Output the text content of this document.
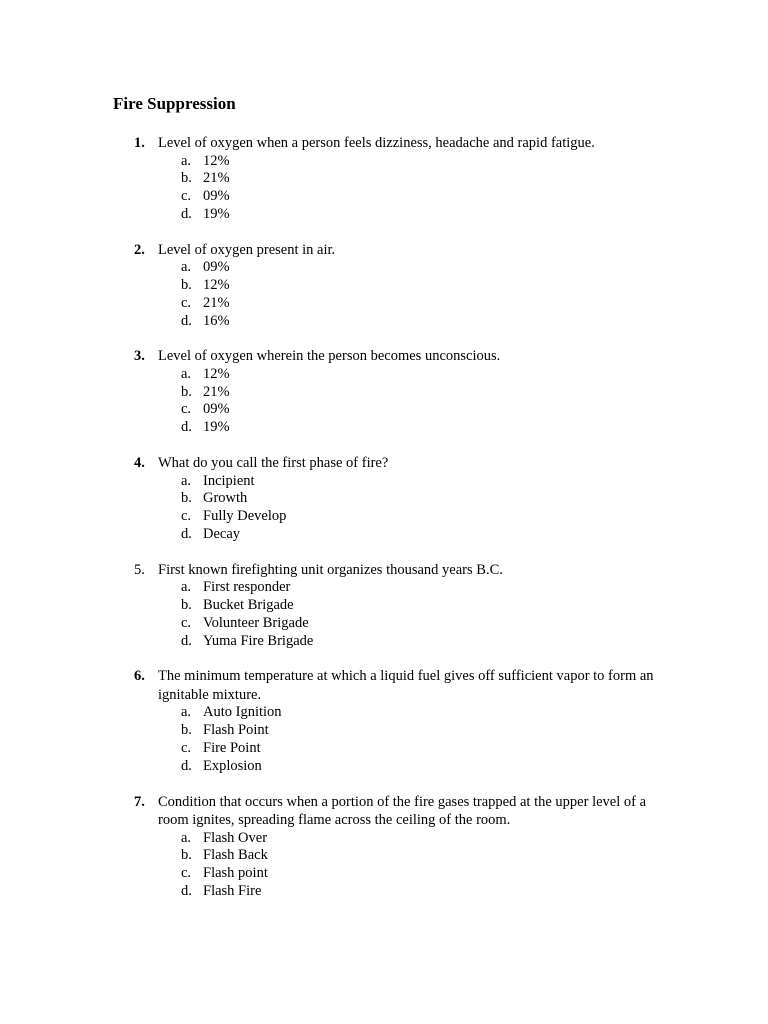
Fire Suppression
1. Level of oxygen when a person feels dizziness, headache and rapid fatigue.
a. 12%
b. 21%
c. 09%
d. 19%
2. Level of oxygen present in air.
a. 09%
b. 12%
c. 21%
d. 16%
3. Level of oxygen wherein the person becomes unconscious.
a. 12%
b. 21%
c. 09%
d. 19%
4. What do you call the first phase of fire?
a. Incipient
b. Growth
c. Fully Develop
d. Decay
5. First known firefighting unit organizes thousand years B.C.
a. First responder
b. Bucket Brigade
c. Volunteer Brigade
d. Yuma Fire Brigade
6. The minimum temperature at which a liquid fuel gives off sufficient vapor to form an ignitable mixture.
a. Auto Ignition
b. Flash Point
c. Fire Point
d. Explosion
7. Condition that occurs when a portion of the fire gases trapped at the upper level of a room ignites, spreading flame across the ceiling of the room.
a. Flash Over
b. Flash Back
c. Flash point
d. Flash Fire
